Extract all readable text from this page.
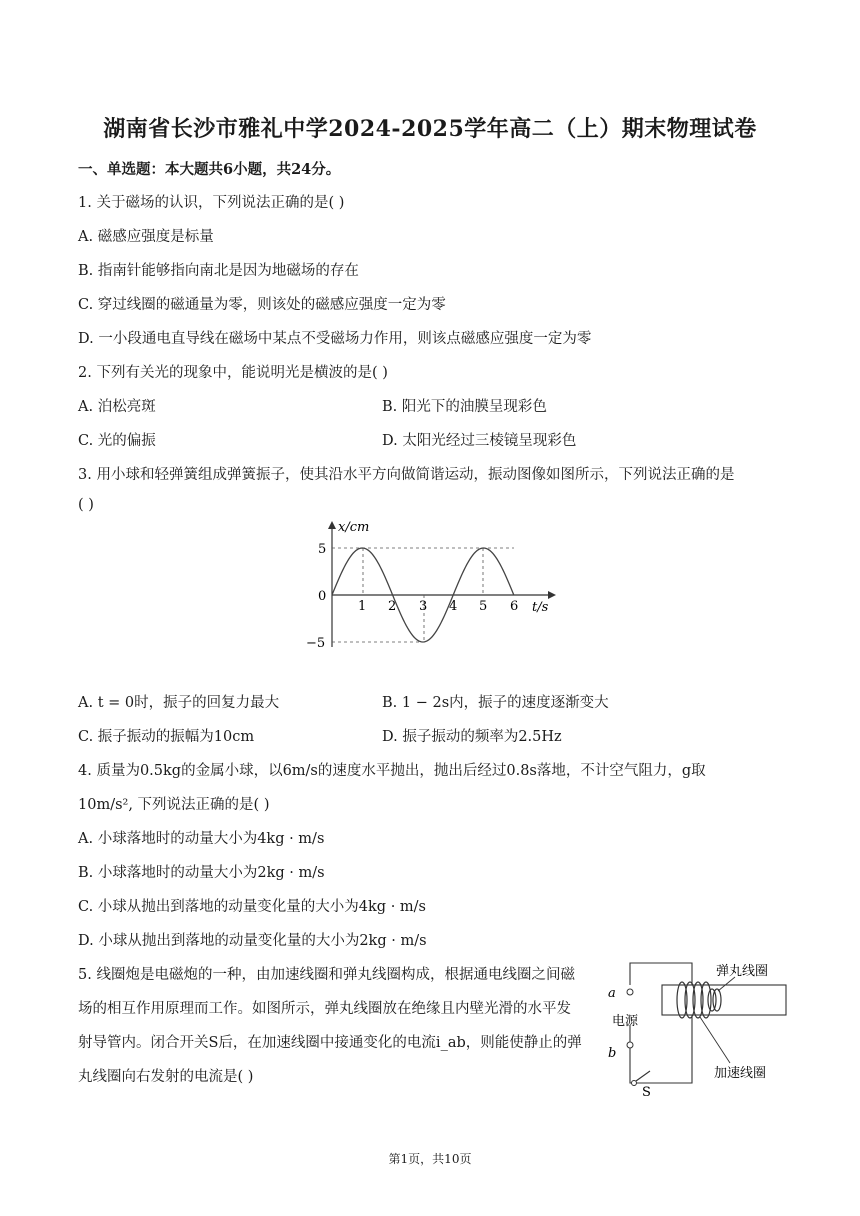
湖南省长沙市雅礼中学2024-2025学年高二（上）期末物理试卷
一、单选题：本大题共6小题，共24分。
1. 关于磁场的认识，下列说法正确的是( )
A. 磁感应强度是标量
B. 指南针能够指向南北是因为地磁场的存在
C. 穿过线圈的磁通量为零，则该处的磁感应强度一定为零
D. 一小段通电直导线在磁场中某点不受磁场力作用，则该点磁感应强度一定为零
2. 下列有关光的现象中，能说明光是横波的是( )
A. 泊松亮斑	B. 阳光下的油膜呈现彩色
C. 光的偏振	D. 太阳光经过三棱镜呈现彩色
3. 用小球和轻弹簧组成弹簧振子，使其沿水平方向做简谐运动，振动图像如图所示，下列说法正确的是
( )
x/cm
t/s
5
0
−5
1 2 3 4 5 6
A. t = 0时，振子的回复力最大	B. 1 − 2s内，振子的速度逐渐变大
C. 振子振动的振幅为10cm	D. 振子振动的频率为2.5Hz
4. 质量为0.5kg的金属小球，以6m/s的速度水平抛出，抛出后经过0.8s落地，不计空气阻力，g取
10m/s², 下列说法正确的是( )
A. 小球落地时的动量大小为4kg · m/s
B. 小球落地时的动量大小为2kg · m/s
C. 小球从抛出到落地的动量变化量的大小为4kg · m/s
D. 小球从抛出到落地的动量变化量的大小为2kg · m/s
5. 线圈炮是电磁炮的一种，由加速线圈和弹丸线圈构成，根据通电线圈之间磁
场的相互作用原理而工作。如图所示，弹丸线圈放在绝缘且内壁光滑的水平发
射导管内。闭合开关S后，在加速线圈中接通变化的电流i_ab，则能使静止的弹
丸线圈向右发射的电流是( )
弹丸线圈
a
b
电源
S
加速线圈
第1页，共10页
